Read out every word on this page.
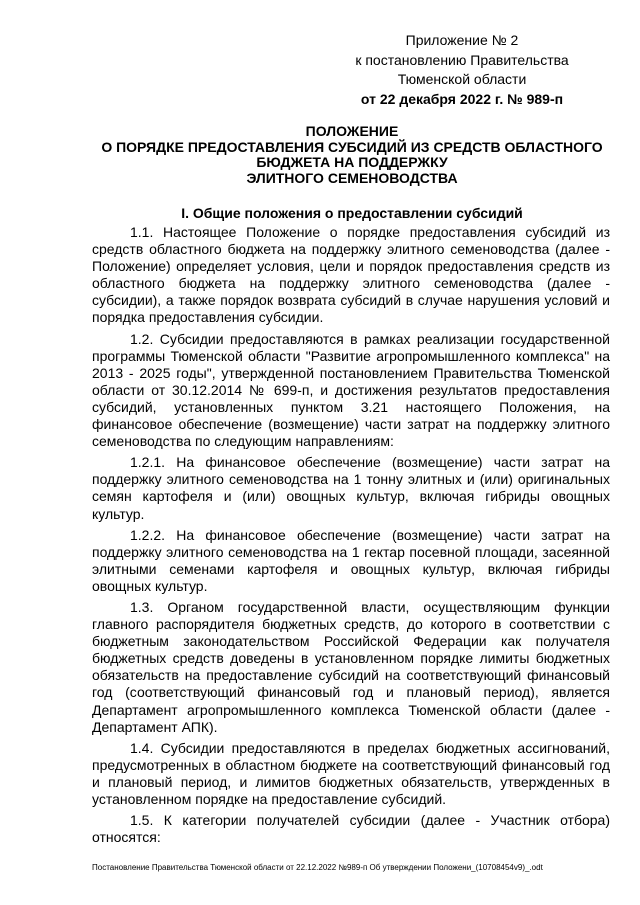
Приложение № 2
к постановлению Правительства
Тюменской области
от 22 декабря 2022 г. № 989-п
ПОЛОЖЕНИЕ
О ПОРЯДКЕ ПРЕДОСТАВЛЕНИЯ СУБСИДИЙ ИЗ СРЕДСТВ ОБЛАСТНОГО
БЮДЖЕТА НА ПОДДЕРЖКУ
ЭЛИТНОГО СЕМЕНОВОДСТВА
I. Общие положения о предоставлении субсидий

1.1. Настоящее Положение о порядке предоставления субсидий из средств областного бюджета на поддержку элитного семеноводства (далее - Положение) определяет условия, цели и порядок предоставления средств из областного бюджета на поддержку элитного семеноводства (далее - субсидии), а также порядок возврата субсидий в случае нарушения условий и порядка предоставления субсидии.

1.2. Субсидии предоставляются в рамках реализации государственной программы Тюменской области "Развитие агропромышленного комплекса" на 2013 - 2025 годы", утвержденной постановлением Правительства Тюменской области от 30.12.2014 № 699-п, и достижения результатов предоставления субсидий, установленных пунктом 3.21 настоящего Положения, на финансовое обеспечение (возмещение) части затрат на поддержку элитного семеноводства по следующим направлениям:

1.2.1. На финансовое обеспечение (возмещение) части затрат на поддержку элитного семеноводства на 1 тонну элитных и (или) оригинальных семян картофеля и (или) овощных культур, включая гибриды овощных культур.

1.2.2. На финансовое обеспечение (возмещение) части затрат на поддержку элитного семеноводства на 1 гектар посевной площади, засеянной элитными семенами картофеля и овощных культур, включая гибриды овощных культур.

1.3. Органом государственной власти, осуществляющим функции главного распорядителя бюджетных средств, до которого в соответствии с бюджетным законодательством Российской Федерации как получателя бюджетных средств доведены в установленном порядке лимиты бюджетных обязательств на предоставление субсидий на соответствующий финансовый год (соответствующий финансовый год и плановый период), является Департамент агропромышленного комплекса Тюменской области (далее - Департамент АПК).

1.4. Субсидии предоставляются в пределах бюджетных ассигнований, предусмотренных в областном бюджете на соответствующий финансовый год и плановый период, и лимитов бюджетных обязательств, утвержденных в установленном порядке на предоставление субсидий.

1.5. К категории получателей субсидии (далее - Участник отбора) относятся:

Постановление Правительства Тюменской области от 22.12.2022 №989-п Об утверждении Положени_(10708454v9)_.odt
